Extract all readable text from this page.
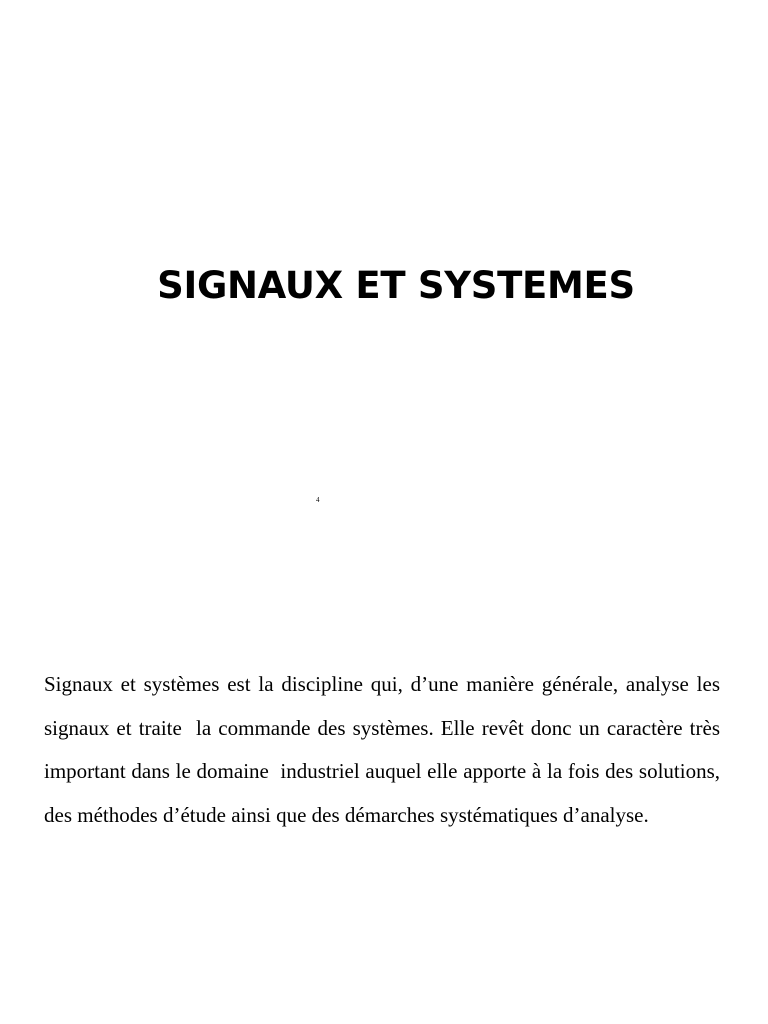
SIGNAUX ET SYSTEMES
4

Signaux et systèmes est la discipline qui, d’une manière générale, analyse les signaux et traite  la commande des systèmes. Elle revêt donc un caractère très important dans le domaine  industriel auquel elle apporte à la fois des solutions, des méthodes d’étude ainsi que des démarches systématiques d’analyse.
